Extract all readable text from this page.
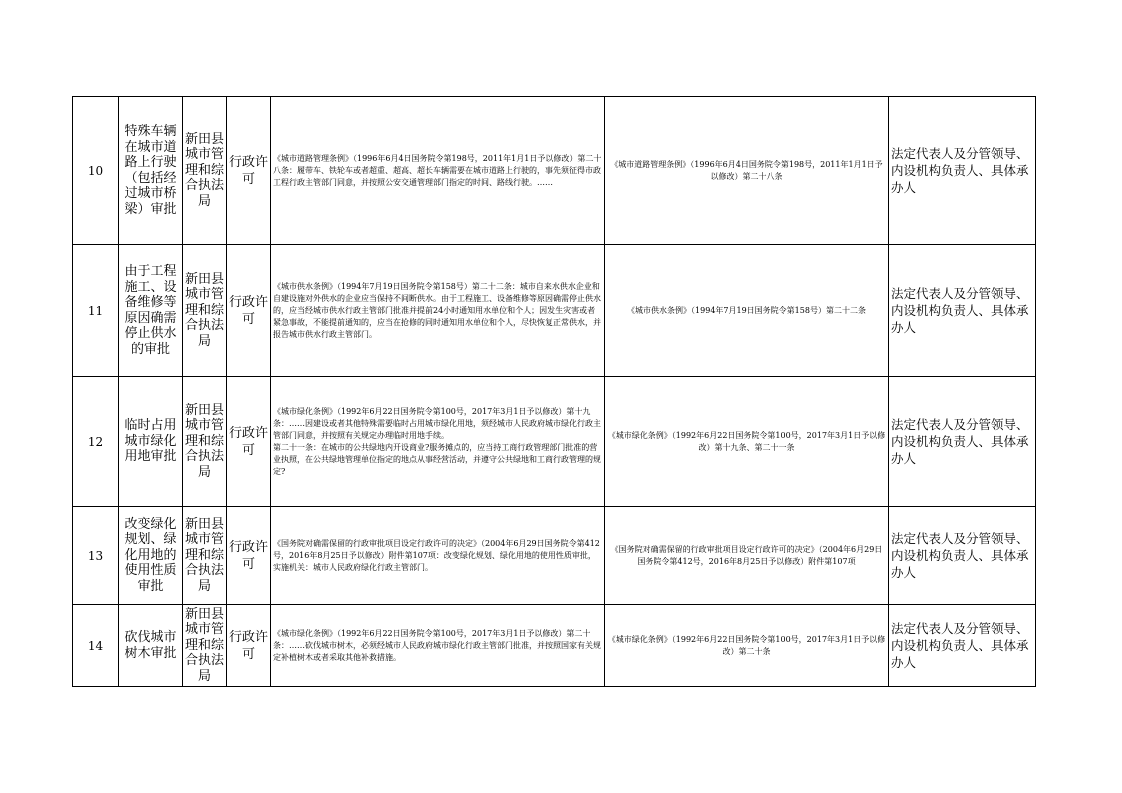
10	特殊车辆在城市道路上行驶（包括经过城市桥梁）审批	新田县城市管理和综合执法局	行政许可	《城市道路管理条例》（1996年6月4日国务院令第198号，2011年1月1日予以修改）第二十八条：履带车、铁轮车或者超重、超高、超长车辆需要在城市道路上行驶的，事先须征得市政工程行政主管部门同意，并按照公安交通管理部门指定的时间、路线行驶。……	《城市道路管理条例》（1996年6月4日国务院令第198号，2011年1月1日予以修改）第二十八条	法定代表人及分管领导、内设机构负责人、具体承办人
11	由于工程施工、设备维修等原因确需停止供水的审批	新田县城市管理和综合执法局	行政许可	《城市供水条例》（1994年7月19日国务院令第158号）第二十二条：城市自来水供水企业和自建设施对外供水的企业应当保持不间断供水。由于工程施工、设备维修等原因确需停止供水的，应当经城市供水行政主管部门批准并提前24小时通知用水单位和个人；因发生灾害或者紧急事故，不能提前通知的，应当在抢修的同时通知用水单位和个人，尽快恢复正常供水，并报告城市供水行政主管部门。	《城市供水条例》（1994年7月19日国务院令第158号）第二十二条	法定代表人及分管领导、内设机构负责人、具体承办人
12	临时占用城市绿化用地审批	新田县城市管理和综合执法局	行政许可	《城市绿化条例》（1992年6月22日国务院令第100号，2017年3月1日予以修改）第十九条：……因建设或者其他特殊需要临时占用城市绿化用地，须经城市人民政府城市绿化行政主管部门同意，并按照有关规定办理临时用地手续。
第二十一条：在城市的公共绿地内开设商业?服务摊点的，应当持工商行政管理部门批准的营业执照，在公共绿地管理单位指定的地点从事经营活动，并遵守公共绿地和工商行政管理的规定?	《城市绿化条例》（1992年6月22日国务院令第100号，2017年3月1日予以修改）第十九条、第二十一条	法定代表人及分管领导、内设机构负责人、具体承办人
13	改变绿化规划、绿化用地的使用性质审批	新田县城市管理和综合执法局	行政许可	《国务院对确需保留的行政审批项目设定行政许可的决定》（2004年6月29日国务院令第412号，2016年8月25日予以修改）附件第107项：改变绿化规划、绿化用地的使用性质审批，实施机关：城市人民政府绿化行政主管部门。	《国务院对确需保留的行政审批项目设定行政许可的决定》（2004年6月29日国务院令第412号，2016年8月25日予以修改）附件第107项	法定代表人及分管领导、内设机构负责人、具体承办人
14	砍伐城市树木审批	新田县城市管理和综合执法局	行政许可	《城市绿化条例》（1992年6月22日国务院令第100号，2017年3月1日予以修改）第二十条：……砍伐城市树木，必须经城市人民政府城市绿化行政主管部门批准，并按照国家有关规定补植树木或者采取其他补救措施。	《城市绿化条例》（1992年6月22日国务院令第100号，2017年3月1日予以修改）第二十条	法定代表人及分管领导、内设机构负责人、具体承办人
